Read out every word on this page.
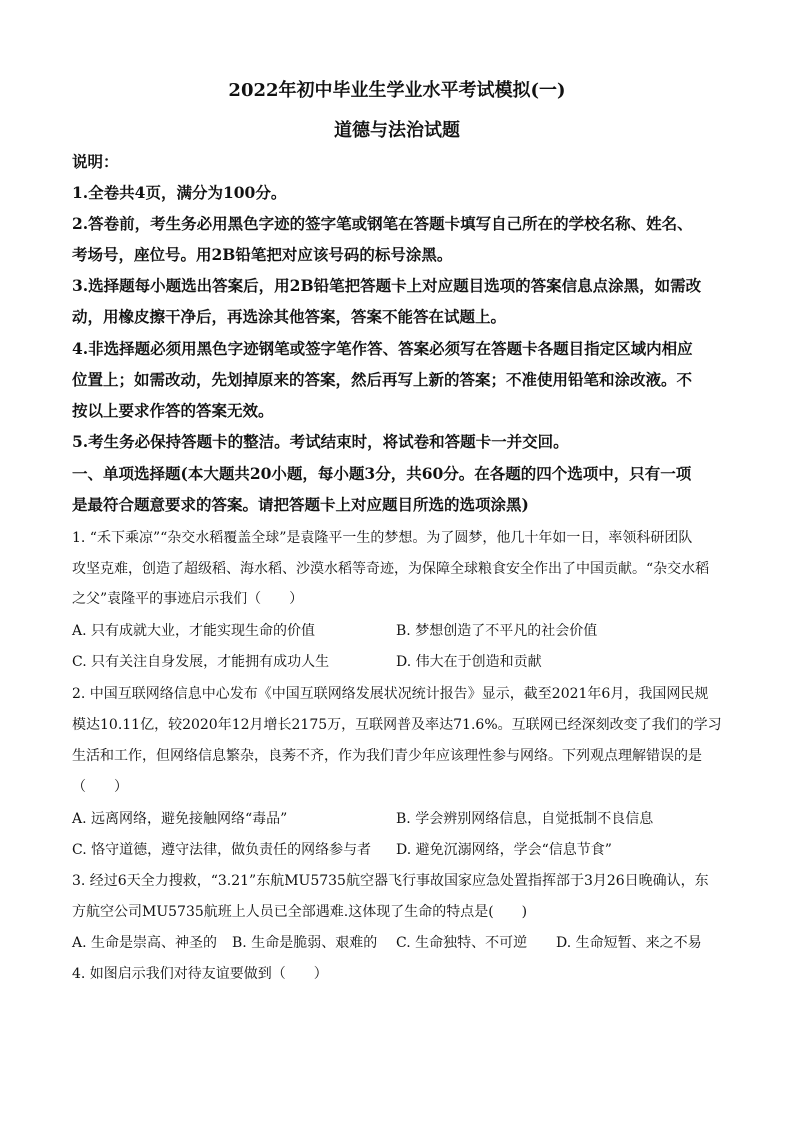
2022年初中毕业生学业水平考试模拟(一)
道德与法治试题
说明：
1.全卷共4页，满分为100分。
2.答卷前，考生务必用黑色字迹的签字笔或钢笔在答题卡填写自己所在的学校名称、姓名、
考场号，座位号。用2B铅笔把对应该号码的标号涂黑。
3.选择题每小题选出答案后，用2B铅笔把答题卡上对应题目选项的答案信息点涂黑，如需改
动，用橡皮擦干净后，再选涂其他答案，答案不能答在试题上。
4.非选择题必须用黑色字迹钢笔或签字笔作答、答案必须写在答题卡各题目指定区域内相应
位置上；如需改动，先划掉原来的答案，然后再写上新的答案；不准使用铅笔和涂改液。不
按以上要求作答的答案无效。
5.考生务必保持答题卡的整洁。考试结束时，将试卷和答题卡一并交回。
一、单项选择题(本大题共20小题，每小题3分，共60分。在各题的四个选项中，只有一项
是最符合题意要求的答案。请把答题卡上对应题目所选的选项涂黑)
1. “禾下乘凉”“杂交水稻覆盖全球”是袁隆平一生的梦想。为了圆梦，他几十年如一日，率领科研团队
攻坚克难，创造了超级稻、海水稻、沙漠水稻等奇迹，为保障全球粮食安全作出了中国贡献。“杂交水稻
之父”袁隆平的事迹启示我们（　　）
A. 只有成就大业，才能实现生命的价值	B. 梦想创造了不平凡的社会价值
C. 只有关注自身发展，才能拥有成功人生	D. 伟大在于创造和贡献
2. 中国互联网络信息中心发布《中国互联网络发展状况统计报告》显示，截至2021年6月，我国网民规
模达10.11亿，较2020年12月增长2175万，互联网普及率达71.6%。互联网已经深刻改变了我们的学习
生活和工作，但网络信息繁杂，良莠不齐，作为我们青少年应该理性参与网络。下列观点理解错误的是
（　　）
A. 远离网络，避免接触网络“毒品”	B. 学会辨别网络信息，自觉抵制不良信息
C. 恪守道德，遵守法律，做负责任的网络参与者 D. 避免沉溺网络，学会“信息节食”
3. 经过6天全力搜救，“3.21”东航MU5735航空器飞行事故国家应急处置指挥部于3月26日晚确认，东
方航空公司MU5735航班上人员已全部遇难.这体现了生命的特点是(　　)
A. 生命是崇高、神圣的 B. 生命是脆弱、艰难的 C. 生命独特、不可逆 D. 生命短暂、来之不易
4. 如图启示我们对待友谊要做到（　　）
